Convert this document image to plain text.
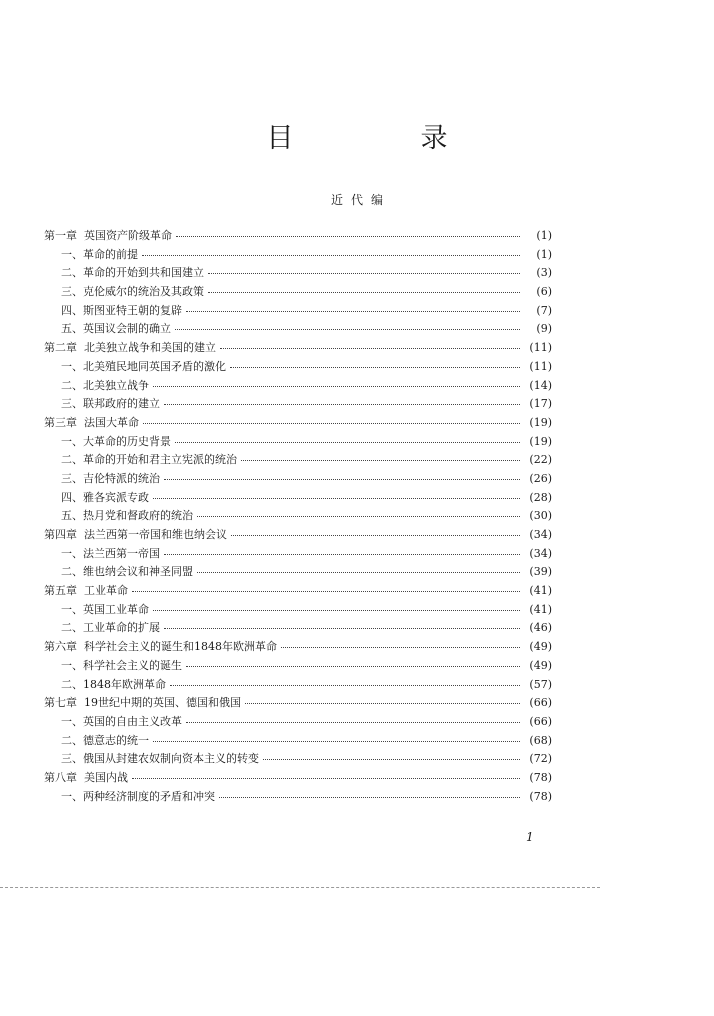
目　录
近代编
第一章 英国资产阶级革命	(1)
一、革命的前提	(1)
二、革命的开始到共和国建立	(3)
三、克伦威尔的统治及其政策	(6)
四、斯图亚特王朝的复辟	(7)
五、英国议会制的确立	(9)
第二章 北美独立战争和美国的建立	(11)
一、北美殖民地同英国矛盾的激化	(11)
二、北美独立战争	(14)
三、联邦政府的建立	(17)
第三章 法国大革命	(19)
一、大革命的历史背景	(19)
二、革命的开始和君主立宪派的统治	(22)
三、吉伦特派的统治	(26)
四、雅各宾派专政	(28)
五、热月党和督政府的统治	(30)
第四章 法兰西第一帝国和维也纳会议	(34)
一、法兰西第一帝国	(34)
二、维也纳会议和神圣同盟	(39)
第五章 工业革命	(41)
一、英国工业革命	(41)
二、工业革命的扩展	(46)
第六章 科学社会主义的诞生和1848年欧洲革命	(49)
一、科学社会主义的诞生	(49)
二、1848年欧洲革命	(57)
第七章 19世纪中期的英国、德国和俄国	(66)
一、英国的自由主义改革	(66)
二、德意志的统一	(68)
三、俄国从封建农奴制向资本主义的转变	(72)
第八章 美国内战	(78)
一、两种经济制度的矛盾和冲突	(78)
1
